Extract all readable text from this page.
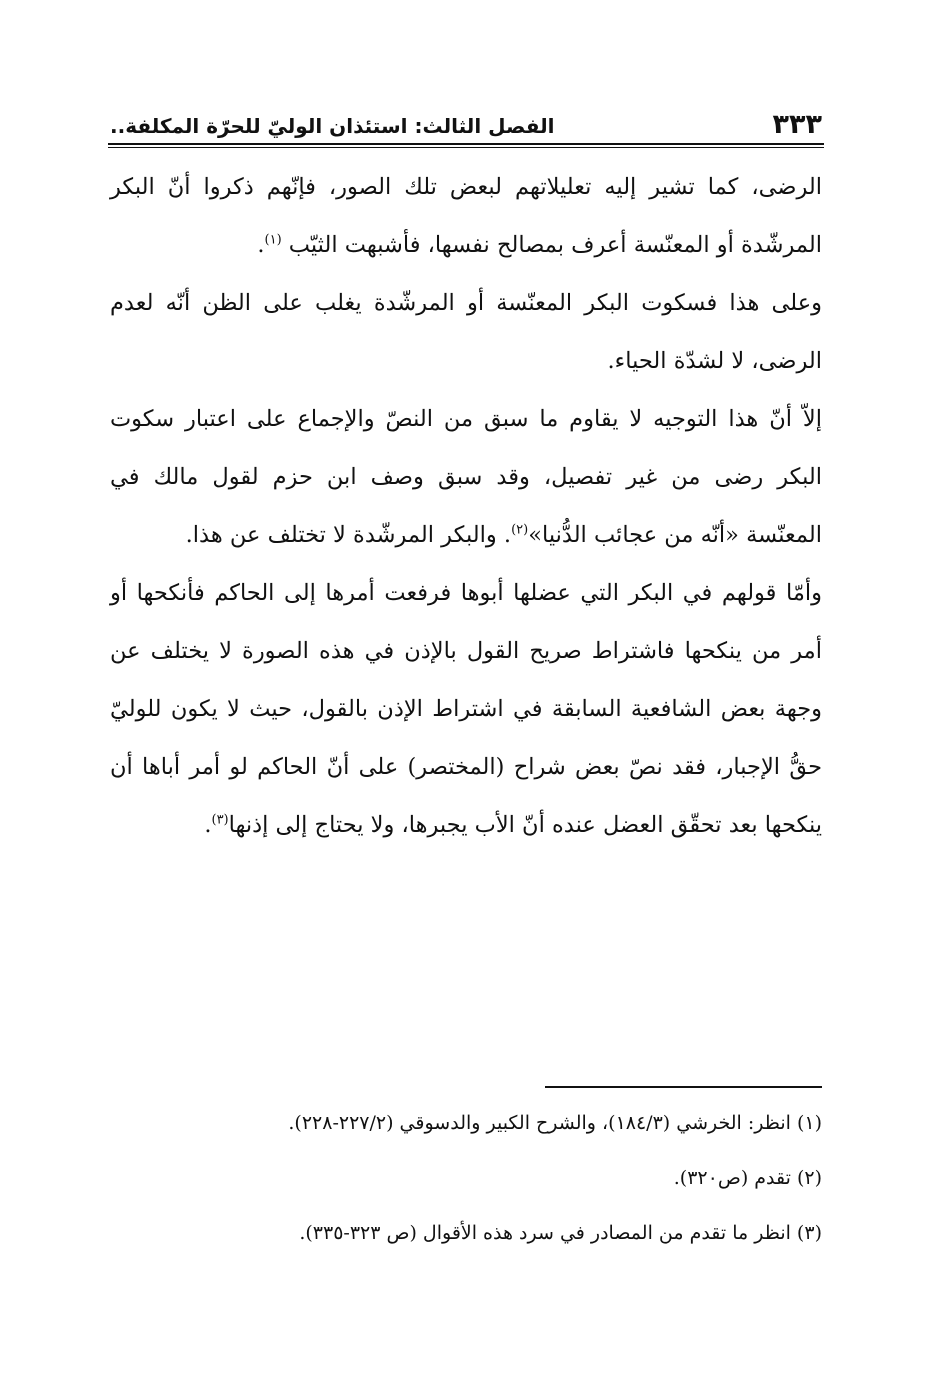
٣٣٣
الفصل الثالث: استئذان الوليّ للحرّة المكلفة..

الرضى، كما تشير إليه تعليلاتهم لبعض تلك الصور، فإنّهم ذكروا أنّ البكر المرشّدة أو المعنّسة أعرف بمصالح نفسها، فأشبهت الثيّب $^{(١)}$.

وعلى هذا فسكوت البكر المعنّسة أو المرشّدة يغلب على الظن أنّه لعدم الرضى، لا لشدّة الحياء.

إلاّ أنّ هذا التوجيه لا يقاوم ما سبق من النصّ والإجماع على اعتبار سكوت البكر رضى من غير تفصيل، وقد سبق وصف ابن حزم لقول مالك في المعنّسة «أنّه من عجائب الدُّنيا»$^{(٢)}$. والبكر المرشّدة لا تختلف عن هذا.

وأمّا قولهم في البكر التي عضلها أبوها فرفعت أمرها إلى الحاكم فأنكحها أو أمر من ينكحها فاشتراط صريح القول بالإذن في هذه الصورة لا يختلف عن وجهة بعض الشافعية السابقة في اشتراط الإذن بالقول، حيث لا يكون للوليّ حقُّ الإجبار، فقد نصّ بعض شراح (المختصر) على أنّ الحاكم لو أمر أباها أن ينكحها بعد تحقّق العضل عنده أنّ الأب يجبرها، ولا يحتاج إلى إذنها$^{(٣)}$.

(١) انظر: الخرشي (١٨٤/٣)، والشرح الكبير والدسوقي (٢٢٧/٢-٢٢٨).

(٢) تقدم (ص٣٢٠).

(٣) انظر ما تقدم من المصادر في سرد هذه الأقوال (ص ٣٢٣-٣٣٥).
